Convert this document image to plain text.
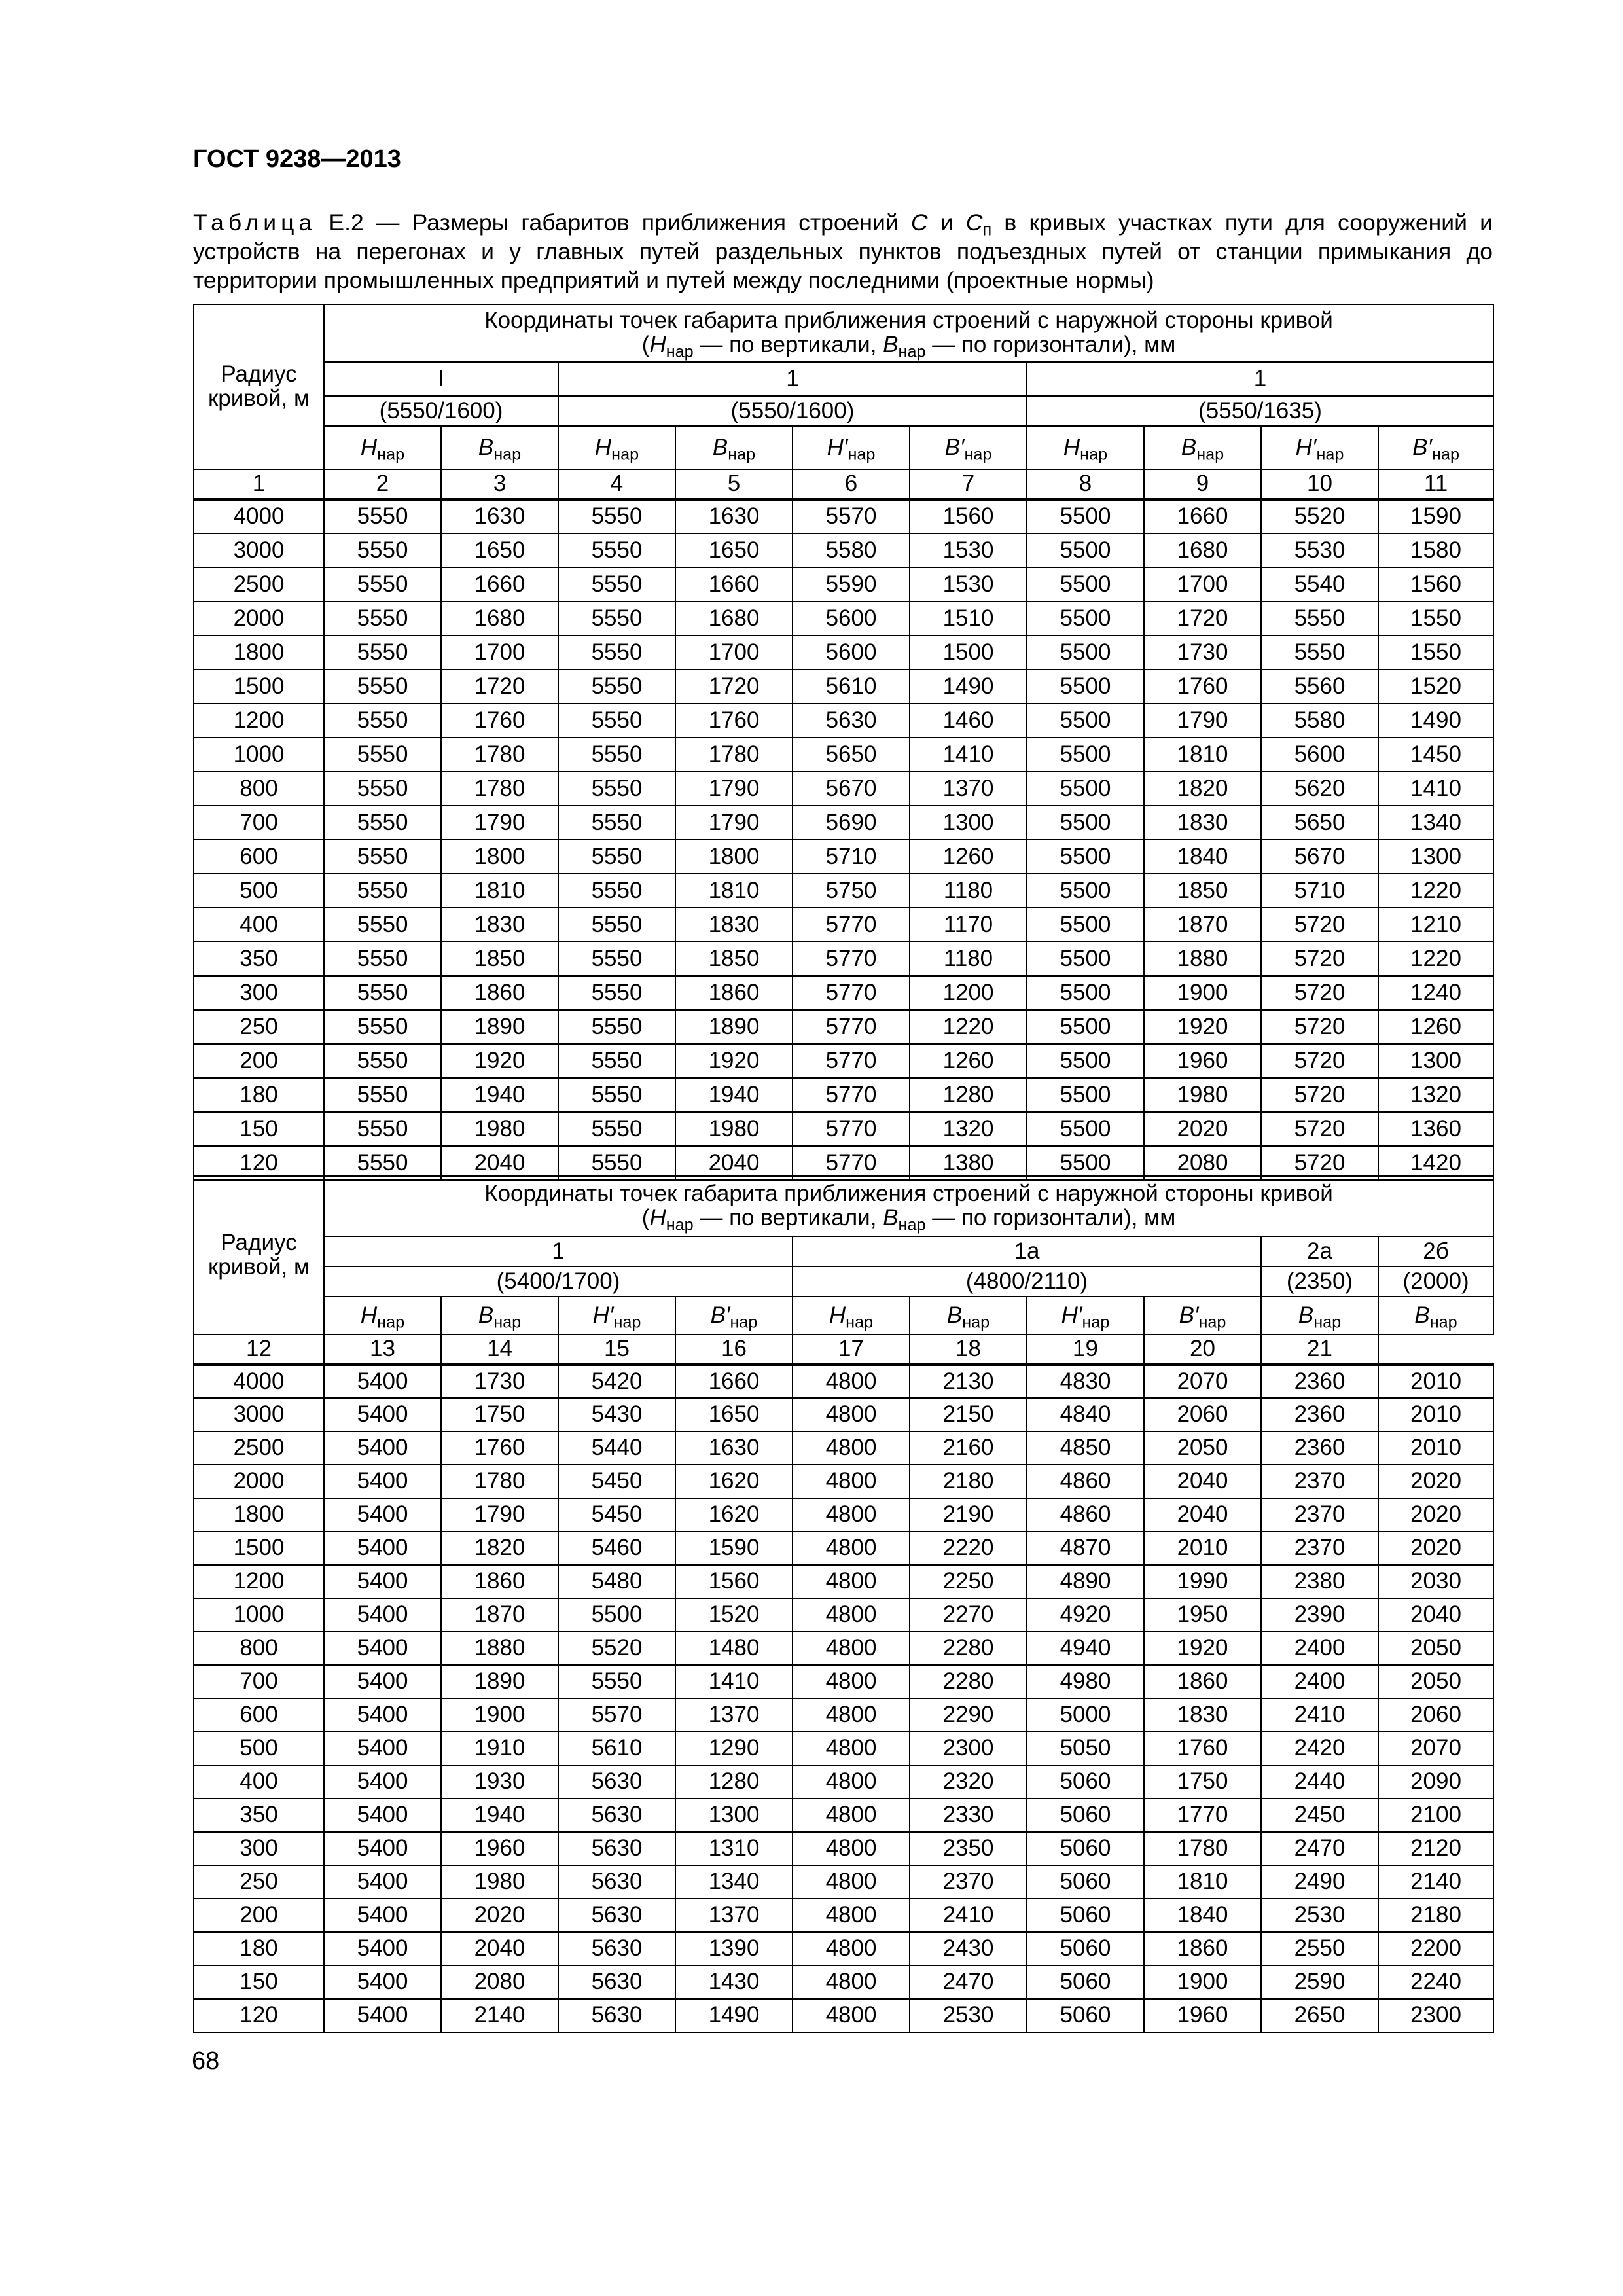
ГОСТ 9238—2013

Таблица Е.2 — Размеры габаритов приближения строений С и $С_п$ в кривых участках пути для сооружений и устройств на перегонах и у главных путей раздельных пунктов подъездных путей от станции примыкания до территории промышленных предприятий и путей между последними (проектные нормы)

Радиус кривой, м	Координаты точек габарита приближения строений с наружной стороны кривой
($Н_{нар}$ — по вертикали, $В_{нар}$ — по горизонтали), мм									
	I		1				1			
	(5550/1600)		(5550/1600)				(5550/1635)			
	$Н_{нар}$	$В_{нар}$	$Н_{нар}$	$В_{нар}$	$Н'_{нар}$	$В'_{нар}$	$Н_{нар}$	$В_{нар}$	$Н'_{нар}$	$В'_{нар}$
1	2	3	4	5	6	7	8	9	10	11
4000	5550	1630	5550	1630	5570	1560	5500	1660	5520	1590
3000	5550	1650	5550	1650	5580	1530	5500	1680	5530	1580
2500	5550	1660	5550	1660	5590	1530	5500	1700	5540	1560
2000	5550	1680	5550	1680	5600	1510	5500	1720	5550	1550
1800	5550	1700	5550	1700	5600	1500	5500	1730	5550	1550
1500	5550	1720	5550	1720	5610	1490	5500	1760	5560	1520
1200	5550	1760	5550	1760	5630	1460	5500	1790	5580	1490
1000	5550	1780	5550	1780	5650	1410	5500	1810	5600	1450
800	5550	1780	5550	1790	5670	1370	5500	1820	5620	1410
700	5550	1790	5550	1790	5690	1300	5500	1830	5650	1340
600	5550	1800	5550	1800	5710	1260	5500	1840	5670	1300
500	5550	1810	5550	1810	5750	1180	5500	1850	5710	1220
400	5550	1830	5550	1830	5770	1170	5500	1870	5720	1210
350	5550	1850	5550	1850	5770	1180	5500	1880	5720	1220
300	5550	1860	5550	1860	5770	1200	5500	1900	5720	1240
250	5550	1890	5550	1890	5770	1220	5500	1920	5720	1260
200	5550	1920	5550	1920	5770	1260	5500	1960	5720	1300
180	5550	1940	5550	1940	5770	1280	5500	1980	5720	1320
150	5550	1980	5550	1980	5770	1320	5500	2020	5720	1360
120	5550	2040	5550	2040	5770	1380	5500	2080	5720	1420
Радиус кривой, м	Координаты точек габарита приближения строений с наружной стороны кривой
($Н_{нар}$ — по вертикали, $В_{нар}$ — по горизонтали), мм									
	1				1а				2а	2б
	(5400/1700)				(4800/2110)				(2350)	(2000)
	$Н_{нар}$	$В_{нар}$	$Н'_{нар}$	$В'_{нар}$	$Н_{нар}$	$В_{нар}$	$Н'_{нар}$	$В'_{нар}$	$В_{нар}$	$В_{нар}$
12	13	14	15	16	17	18	19	20	21	
4000	5400	1730	5420	1660	4800	2130	4830	2070	2360	2010
3000	5400	1750	5430	1650	4800	2150	4840	2060	2360	2010
2500	5400	1760	5440	1630	4800	2160	4850	2050	2360	2010
2000	5400	1780	5450	1620	4800	2180	4860	2040	2370	2020
1800	5400	1790	5450	1620	4800	2190	4860	2040	2370	2020
1500	5400	1820	5460	1590	4800	2220	4870	2010	2370	2020
1200	5400	1860	5480	1560	4800	2250	4890	1990	2380	2030
1000	5400	1870	5500	1520	4800	2270	4920	1950	2390	2040
800	5400	1880	5520	1480	4800	2280	4940	1920	2400	2050
700	5400	1890	5550	1410	4800	2280	4980	1860	2400	2050
600	5400	1900	5570	1370	4800	2290	5000	1830	2410	2060
500	5400	1910	5610	1290	4800	2300	5050	1760	2420	2070
400	5400	1930	5630	1280	4800	2320	5060	1750	2440	2090
350	5400	1940	5630	1300	4800	2330	5060	1770	2450	2100
300	5400	1960	5630	1310	4800	2350	5060	1780	2470	2120
250	5400	1980	5630	1340	4800	2370	5060	1810	2490	2140
200	5400	2020	5630	1370	4800	2410	5060	1840	2530	2180
180	5400	2040	5630	1390	4800	2430	5060	1860	2550	2200
150	5400	2080	5630	1430	4800	2470	5060	1900	2590	2240
120	5400	2140	5630	1490	4800	2530	5060	1960	2650	2300

68
